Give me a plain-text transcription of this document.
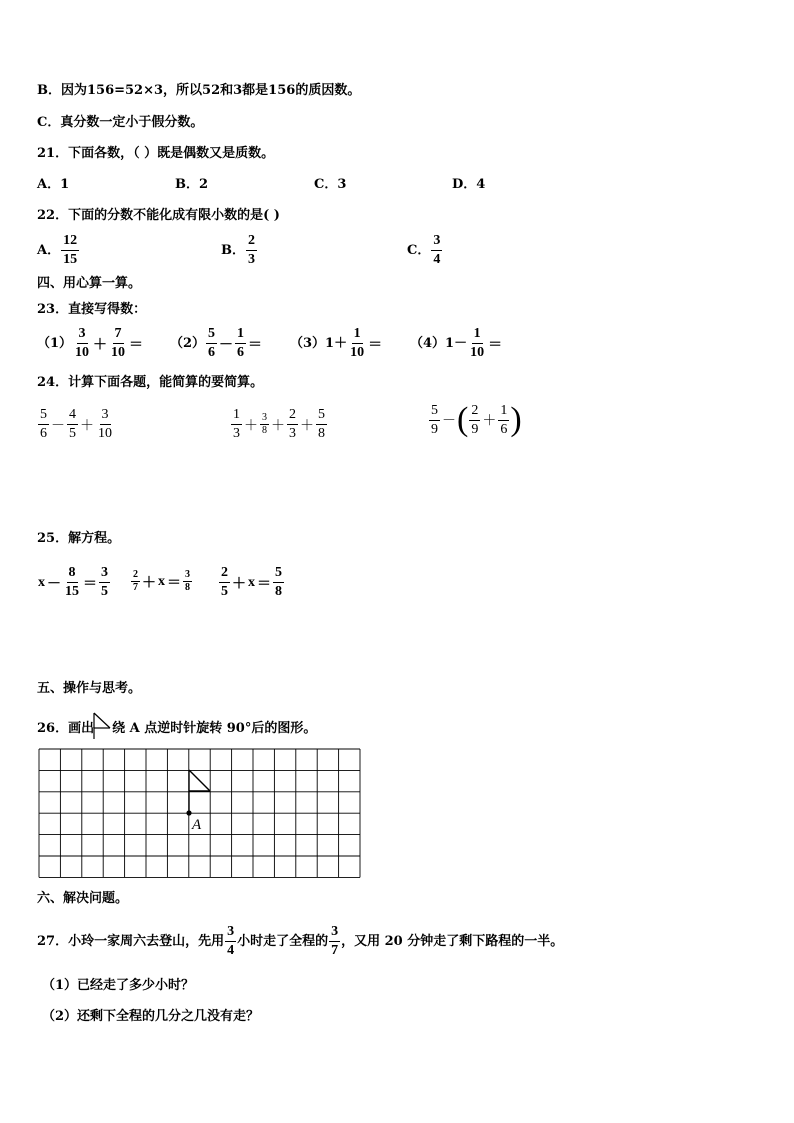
B．因为156=52×3，所以52和3都是156的质因数。
C．真分数一定小于假分数。
21．下面各数，（ ）既是偶数又是质数。
A．1	B．2	C．3	D．4
22．下面的分数不能化成有限小数的是( )
A． $\frac{12}{15}$	B． $\frac{2}{3}$	C． $\frac{3}{4}$
四、用心算一算。
23．直接写得数：
$(1) \frac{3}{10} + \frac{7}{10} = (2) \frac{5}{6} - \frac{1}{6} = (3)1+ \frac{1}{10} = (4)1- \frac{1}{10}$ ＝
24．计算下面各题，能简算的要简算。
$\frac{5}{6} - \frac{4}{5} + \frac{3}{10}$	$\frac{1}{3} + \frac{3}{8} + \frac{2}{3} + \frac{5}{8}$	$\frac{5}{9}$ －( $\frac{2}{9} + \frac{1}{6}$ )
25．解方程。
$x - \frac{8}{15} = \frac{3}{5} \frac{2}{7} + x = \frac{3}{8} \frac{2}{5} + x = \frac{5}{8}$
五、操作与思考。
26．画出 绕 A 点逆时针旋转 90°后的图形。
A
六、解决问题。
27．小玲一家周六去登山，先用 $\frac{3}{4}$ 小时走了全程的 $\frac{3}{7}$ ，又用 20 分钟走了剩下路程的一半。
（1）已经走了多少小时？
（2）还剩下全程的几分之几没有走？
